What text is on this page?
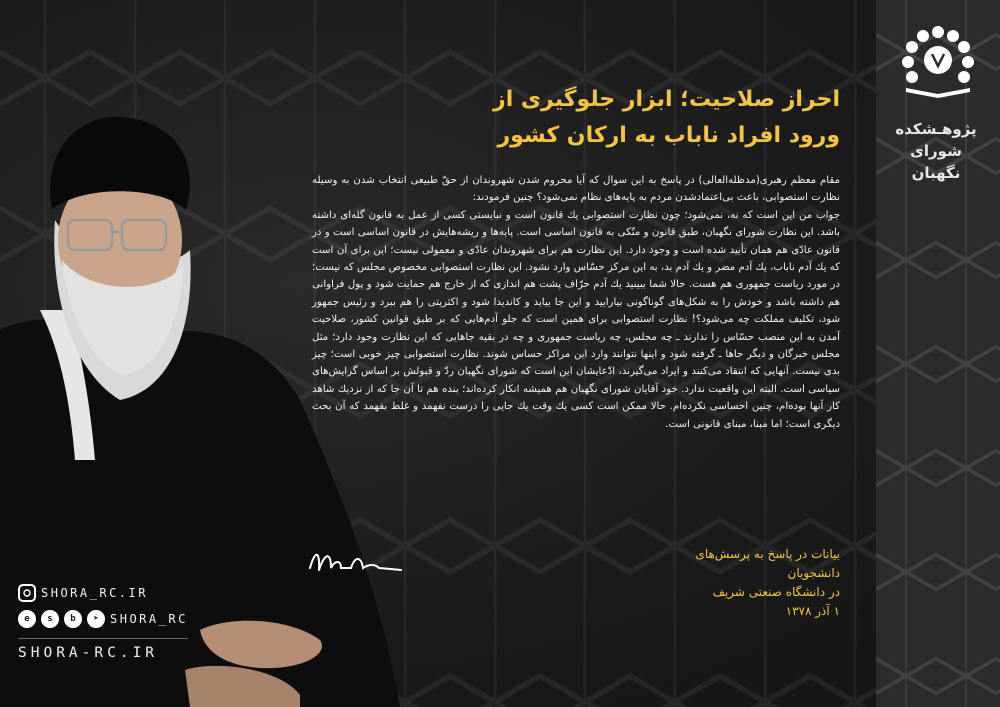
پژوهـشکده
شورای نگهبان
احراز صلاحیت؛ ابزار جلوگیری از
ورود افراد ناباب به ارکان کشور

مقام معظم رهبری(مدظله‌العالی) در پاسخ به این سوال که آیا محروم شدن شهروندان از حقّ طبیعی انتخاب شدن به وسیله نظارت استصوابی، باعث بی‌اعتمادشدن مردم به پایه‌های نظام نمی‌شود؟ چنین فرمودند:

جواب من این است که نه، نمی‌شود؛ چون نظارت استصوابی یك قانون است و نبایستی كسی از عمل به قانون گله‌ای داشته باشد. این نظارت شورای نگهبان، طبق قانون و متّكی به قانون اساسی است. پایه‌ها و ریشه‌هایش در قانون اساسی است و در قانون عادّی هم همان تأیید شده است و وجود دارد. این نظارت هم برای شهروندان عادّی و معمولی نیست؛ این برای آن است كه یك آدم ناباب، یك آدم مضر و یك آدم بد، به این مركز حسّاس وارد نشود. این نظارت استصوابی مخصوص مجلس كه نیست؛ در مورد ریاست جمهوری هم هست. حالا شما ببینید یك آدم حرّاف پشت هم اندازی كه از خارج هم حمایت شود و پول فراوانی هم داشته باشد و خودش را به شكل‌های گوناگونی بیارایید و این جا بیاید و كاندیدا شود و اكثریتی را هم ببرد و رئیس جمهور شود، تكلیف مملكت چه می‌شود؟! نظارت استصوابی برای همین است كه جلو آدم‌هایی كه بر طبق قوانین كشور، صلاحیت آمدن به این منصب حسّاس را ندارند ـ چه مجلس، چه ریاست جمهوری و چه در بقیه جاهایی كه این نظارت وجود دارد؛ مثل مجلس خبرگان و دیگر جاها ـ گرفته شود و اینها نتوانند وارد این مراكز حساس شوند. نظارت استصوابی چیز خوبی است؛ چیز بدی نیست. آنهایی كه انتقاد می‌كنند و ایراد می‌گیرند، ادّعایشان این است كه شورای نگهبان ردّ و قبولش بر اساس گرایش‌های سیاسی است. البته این واقعیت ندارد. خود آقایان شورای نگهبان هم همیشه انكار كرده‌اند؛ بنده هم تا آن جا كه از نزدیك شاهد كار آنها بوده‌ام، چنین احساسی نكرده‌ام. حالا ممكن است كسی یك وقت یك جایی را درست نفهمد و غلط بفهمد كه آن بحث دیگری است؛ اما مبنا، مبنای قانونی است.

بیانات در پاسخ به پرسش‌های دانشجویان
در دانشگاه صنعتی شریف
۱ آذر ۱۳۷۸
SHORA_RC.IR
e	s	b	➤ SHORA_RC
SHORA-RC.IR
